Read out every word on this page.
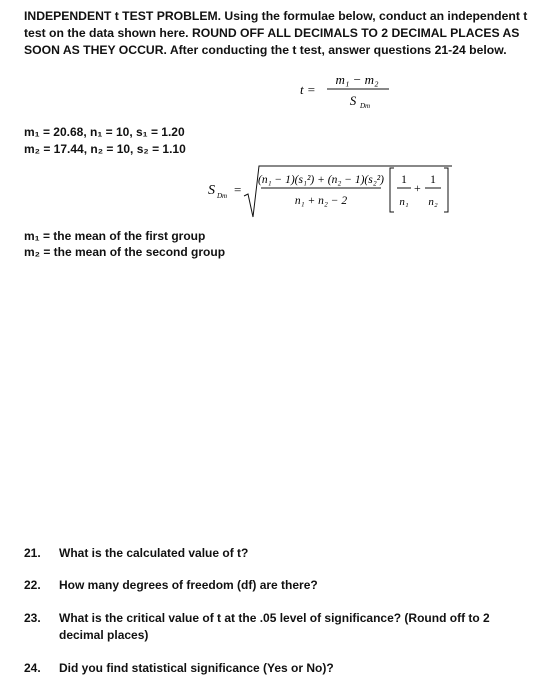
INDEPENDENT t TEST PROBLEM. Using the formulae below, conduct an independent t test on the data shown here. ROUND OFF ALL DECIMALS TO 2 DECIMAL PLACES AS SOON AS THEY OCCUR. After conducting the t test, answer questions 21-24 below.
t =
m₁ − m₂
S Dm
m₁ = 20.68, n₁ = 10, s₁ = 1.20
m₂ = 17.44, n₂ = 10, s₂ = 1.10
S Dm =
(n₁ − 1)(s₁²) + (n₂ − 1)(s₂²)
n₁ + n₂ − 2
1
n₁
+
1
n₂
m₁ = the mean of the first group
m₂ = the mean of the second group
21.	What is the calculated value of t?
22.	How many degrees of freedom (df) are there?
23.	What is the critical value of t at the .05 level of significance? (Round off to 2 decimal places)
24.	Did you find statistical significance (Yes or No)?
